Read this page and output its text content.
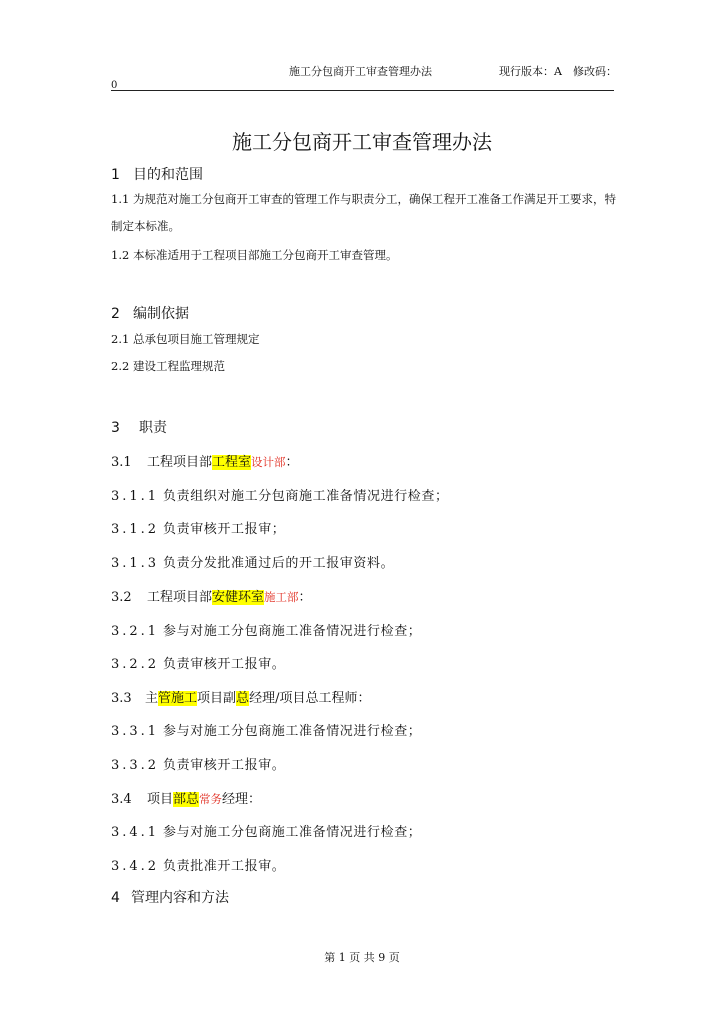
施工分包商开工审查管理办法	现行版本：A　修改码：
0
施工分包商开工审查管理办法
1 目的和范围
1.1 为规范对施工分包商开工审查的管理工作与职责分工，确保工程开工准备工作满足开工要求，特制定本标准。
1.2 本标准适用于工程项目部施工分包商开工审查管理。
2 编制依据
2.1 总承包项目施工管理规定
2.2 建设工程监理规范
3 职责
3.1 工程项目部工程室设计部：
3.1.1 负责组织对施工分包商施工准备情况进行检查；
3.1.2 负责审核开工报审；
3.1.3 负责分发批准通过后的开工报审资料。
3.2 工程项目部安健环室施工部：
3.2.1 参与对施工分包商施工准备情况进行检查；
3.2.2 负责审核开工报审。
3.3 主管施工项目副总经理/项目总工程师：
3.3.1 参与对施工分包商施工准备情况进行检查；
3.3.2 负责审核开工报审。
3.4 项目部总常务经理：
3.4.1 参与对施工分包商施工准备情况进行检查；
3.4.2 负责批准开工报审。
4 管理内容和方法
第 1 页 共 9 页
